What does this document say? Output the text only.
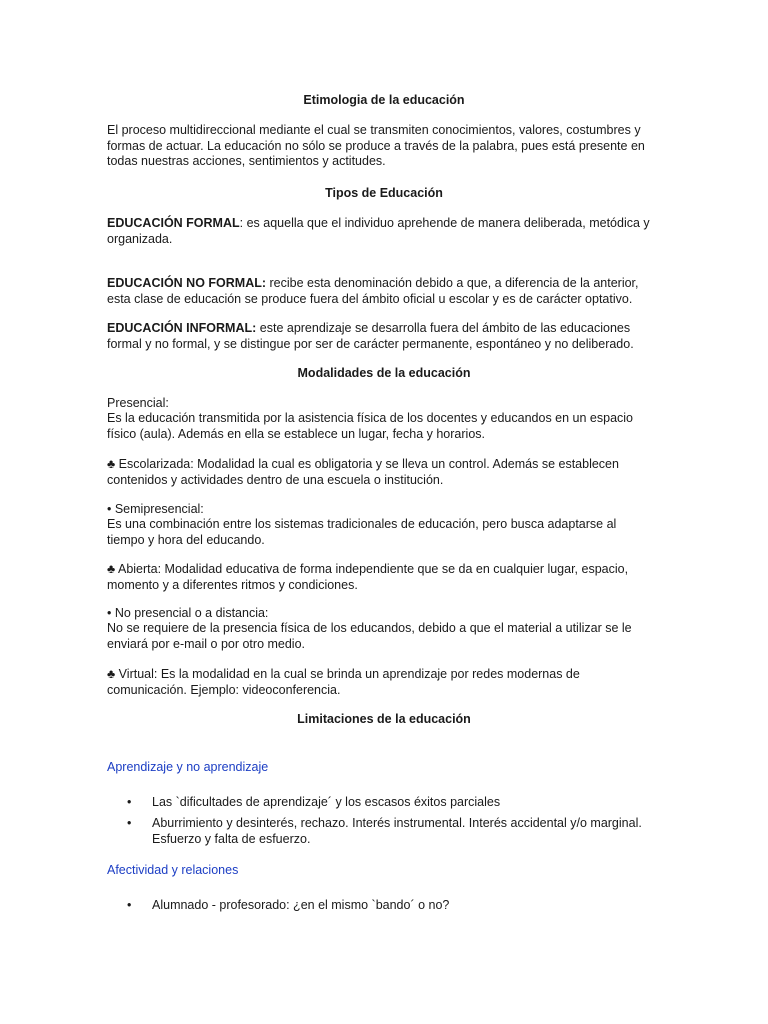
Etimologia de la educación

El proceso multidireccional mediante el cual se transmiten conocimientos, valores, costumbres y formas de actuar. La educación no sólo se produce a través de la palabra, pues está presente en todas nuestras acciones, sentimientos y actitudes.

Tipos de Educación

EDUCACIÓN FORMAL: es aquella que el individuo aprehende de manera deliberada, metódica y organizada.

EDUCACIÓN NO FORMAL: recibe esta denominación debido a que, a diferencia de la anterior, esta clase de educación se produce fuera del ámbito oficial u escolar y es de carácter optativo.

EDUCACIÓN INFORMAL: este aprendizaje se desarrolla fuera del ámbito de las educaciones formal y no formal, y se distingue por ser de carácter permanente, espontáneo y no deliberado.

Modalidades de la educación

Presencial:

Es la educación transmitida por la asistencia física de los docentes y educandos en un espacio físico (aula). Además en ella se establece un lugar, fecha y horarios.

♣ Escolarizada: Modalidad la cual es obligatoria y se lleva un control. Además se establecen contenidos y actividades dentro de una escuela o institución.

• Semipresencial:

Es una combinación entre los sistemas tradicionales de educación, pero busca adaptarse al tiempo y hora del educando.

♣ Abierta: Modalidad educativa de forma independiente que se da en cualquier lugar, espacio, momento y a diferentes ritmos y condiciones.

• No presencial o a distancia:

No se requiere de la presencia física de los educandos, debido a que el material a utilizar se le enviará por e-mail o por otro medio.

♣ Virtual: Es la modalidad en la cual se brinda un aprendizaje por redes modernas de comunicación. Ejemplo: videoconferencia.

Limitaciones de la educación

Aprendizaje y no aprendizaje

• Las `dificultades de aprendizaje´ y los escasos éxitos parciales
• Aburrimiento y desinterés, rechazo. Interés instrumental. Interés accidental y/o marginal. Esfuerzo y falta de esfuerzo.

Afectividad y relaciones

• Alumnado - profesorado: ¿en el mismo `bando´ o no?
